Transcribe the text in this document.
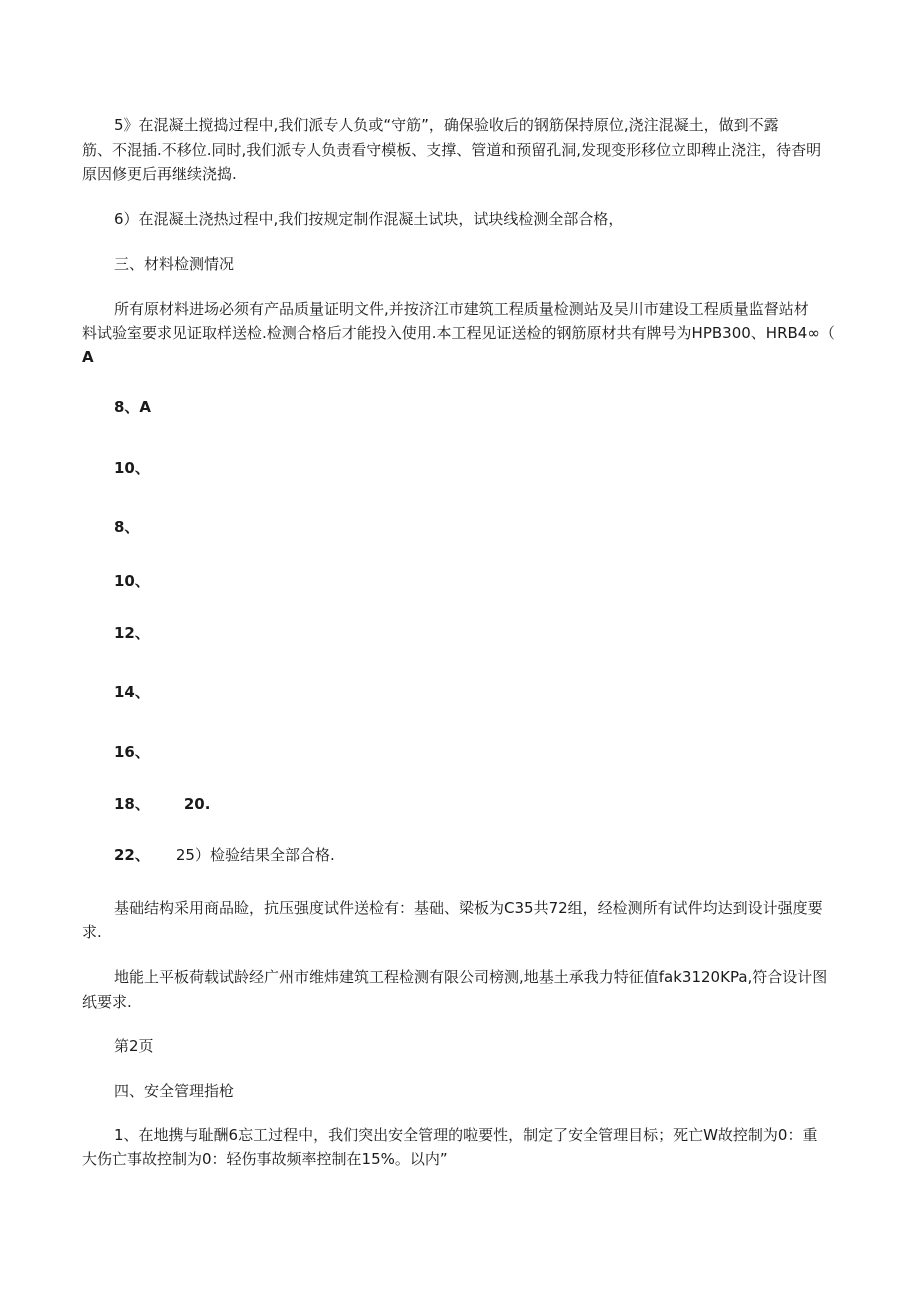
5》在混凝土搅捣过程中,我们派专人负或“守筋”，确保验收后的钢筋保持原位,浇注混凝土，做到不露
筋、不混插.不移位.同时,我们派专人负责看守模板、支撑、管道和预留孔洞,发现变形移位立即稗止浇注，待杳明
原因修更后再继续浇捣.
6）在混凝土浇热过程中,我们按规定制作混凝土试块，试块线检测全部合格，
三、材料检测情况
所有原材料进场必须有产品质量证明文件,并按济江市建筑工程质量检测站及吴川市建设工程质量监督站材
料试验室要求见证取样送检.检测合格后才能投入使用.本工程见证送检的钢筋原材共有牌号为HPB300、HRB4∞（
A
8、A
10、
8、
10、
12、
14、
16、
18、 20.
22、 25）检验结果全部合格.
基础结构采用商品睑，抗压强度试件送检有：基础、梁板为C35共72组，经检测所有试件均达到设计强度要
求.
地能上平板荷载试龄经广州市维炜建筑工程检测有限公司榜测,地基土承我力特征值fak3120KPa,符合设计图
纸要求.
第2页
四、安全管理指枪
1、在地携与耻酬6忘工过程中，我们突出安全管理的啦要性，制定了安全管理目标；死亡W故控制为0：重
大伤亡事故控制为0：轻伤事故频率控制在15%。以内”
